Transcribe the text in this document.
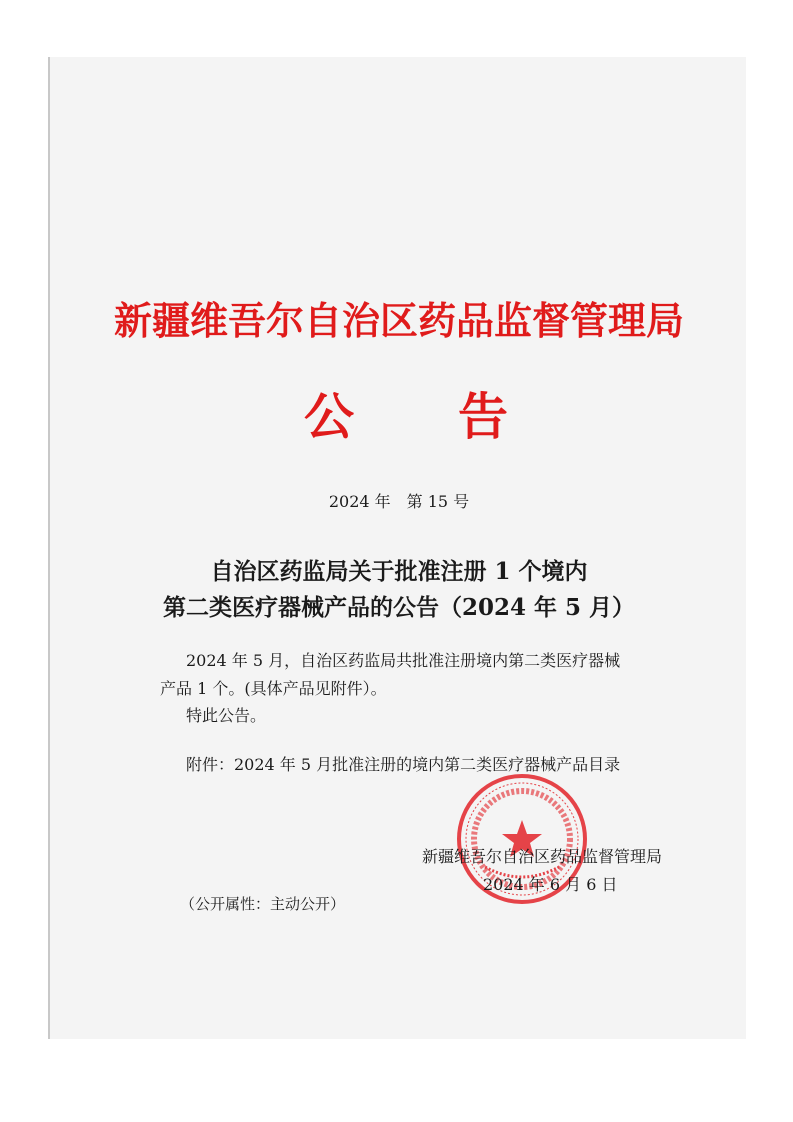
新疆维吾尔自治区药品监督管理局
公 告
2024 年　第 15 号
自治区药监局关于批准注册 1 个境内
第二类医疗器械产品的公告（2024 年 5 月）
2024 年 5 月，自治区药监局共批准注册境内第二类医疗器械
产品 1 个。(具体产品见附件）。
特此公告。
附件：2024 年 5 月批准注册的境内第二类医疗器械产品目录
新疆维吾尔自治区药品监督管理局
2024 年 6 月 6 日
（公开属性：主动公开）
